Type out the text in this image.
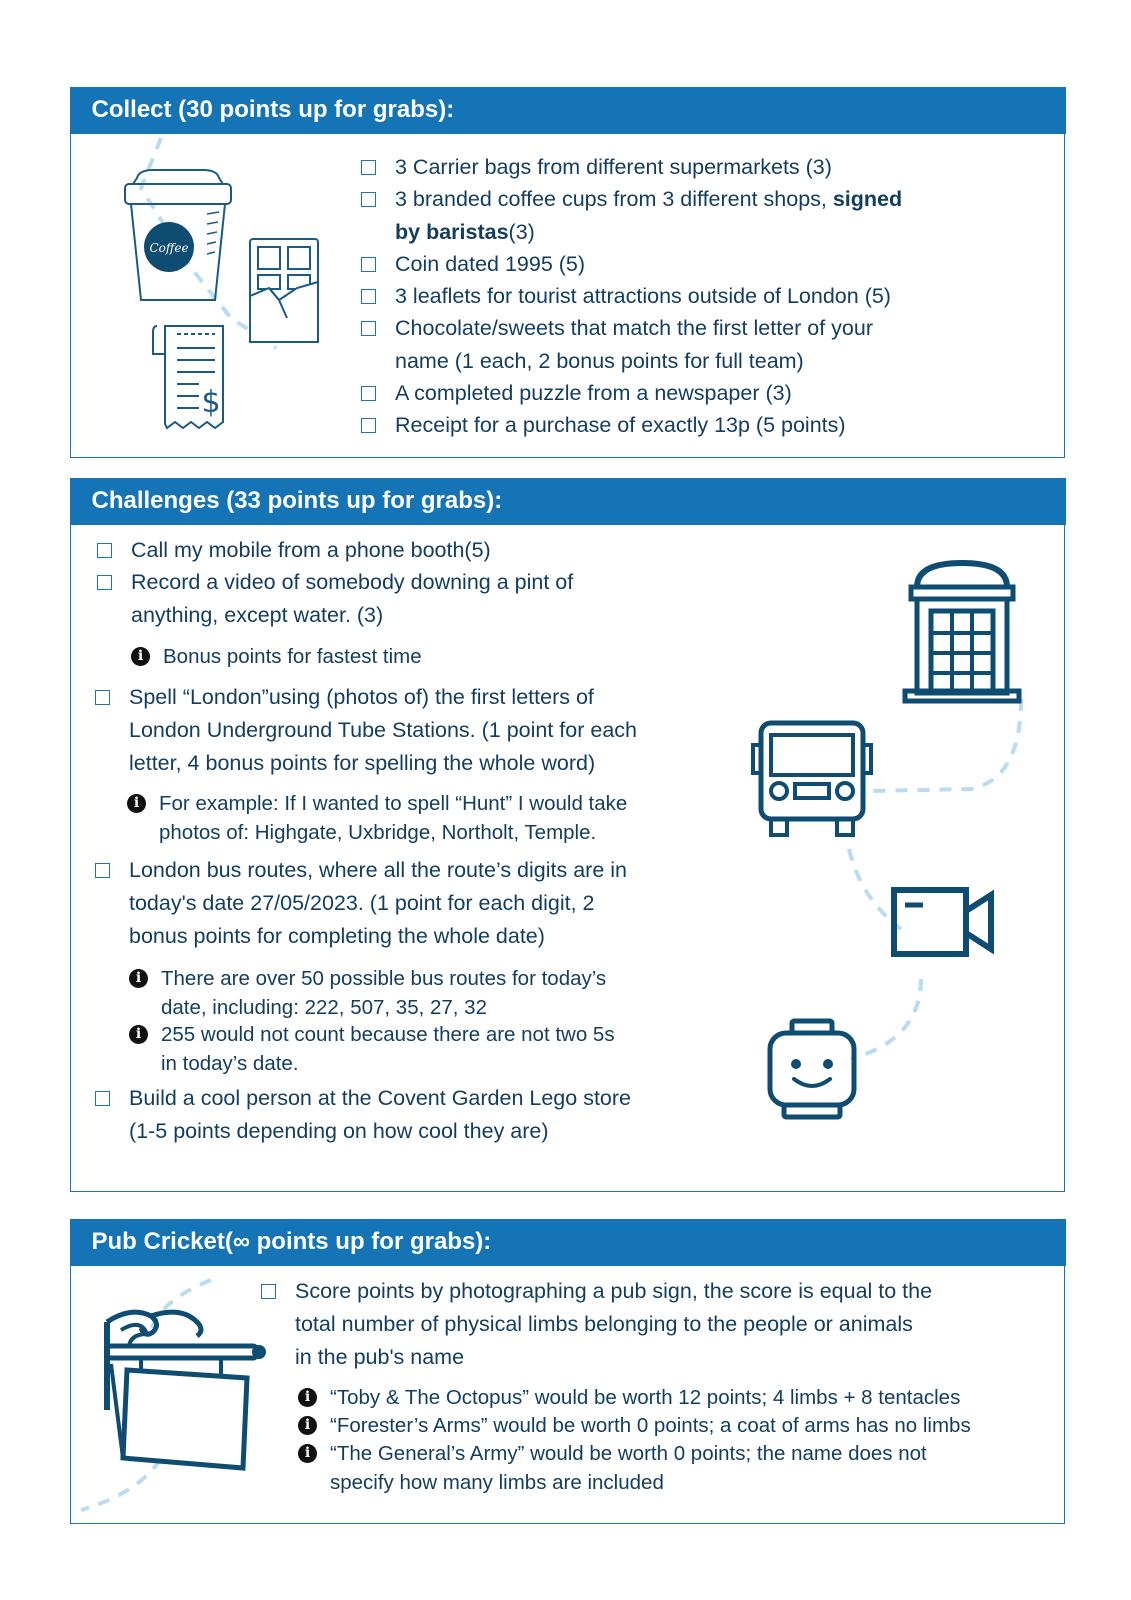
Collect (30 points up for grabs):
Coffee
$
3 Carrier bags from different supermarkets (3)
3 branded coffee cups from 3 different shops, signed
by baristas(3)
Coin dated 1995 (5)
3 leaflets for tourist attractions outside of London (5)
Chocolate/sweets that match the first letter of your
name (1 each, 2 bonus points for full team)
A completed puzzle from a newspaper (3)
Receipt for a purchase of exactly 13p (5 points)
Challenges (33 points up for grabs):
Call my mobile from a phone booth(5)
Record a video of somebody downing a pint of
anything, except water. (3)
i Bonus points for fastest time
Spell “London”using (photos of) the first letters of
London Underground Tube Stations. (1 point for each
letter, 4 bonus points for spelling the whole word)
i For example: If I wanted to spell “Hunt” I would take
photos of: Highgate, Uxbridge, Northolt, Temple.
London bus routes, where all the route’s digits are in
today's date 27/05/2023. (1 point for each digit, 2
bonus points for completing the whole date)
i There are over 50 possible bus routes for today’s
date, including: 222, 507, 35, 27, 32
i 255 would not count because there are not two 5s
in today’s date.
Build a cool person at the Covent Garden Lego store
(1-5 points depending on how cool they are)
Pub Cricket(∞ points up for grabs):
Score points by photographing a pub sign, the score is equal to the
total number of physical limbs belonging to the people or animals
in the pub's name
i “Toby & The Octopus” would be worth 12 points; 4 limbs + 8 tentacles
i “Forester’s Arms” would be worth 0 points; a coat of arms has no limbs
i “The General’s Army” would be worth 0 points; the name does not
specify how many limbs are included
